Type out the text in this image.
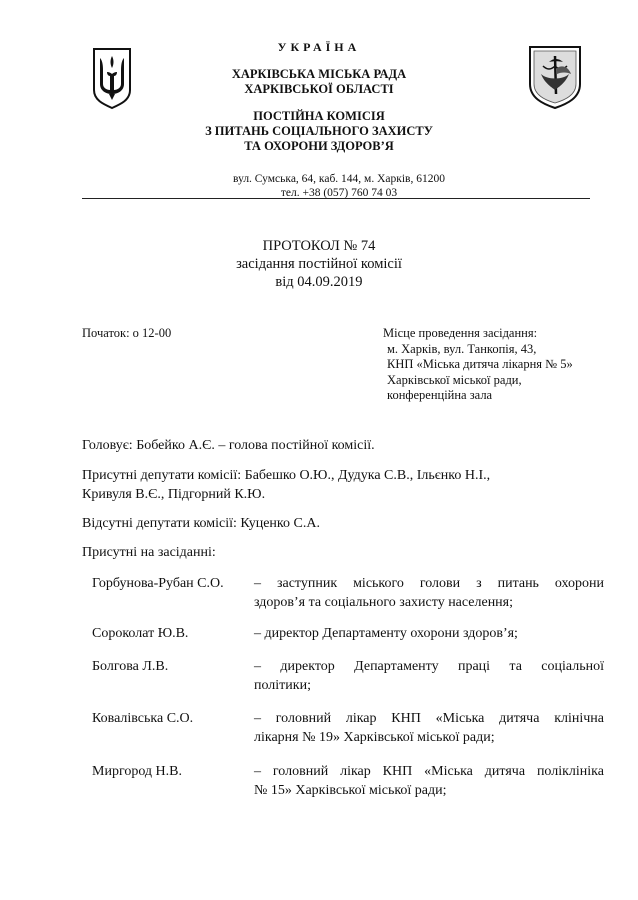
УКРАЇНА
ХАРКІВСЬКА МІСЬКА РАДА
ХАРКІВСЬКОЇ ОБЛАСТІ
ПОСТІЙНА КОМІСІЯ
З ПИТАНЬ СОЦІАЛЬНОГО ЗАХИСТУ
ТА ОХОРОНИ ЗДОРОВ’Я
вул. Сумська, 64, каб. 144, м. Харків, 61200
тел. +38 (057) 760 74 03
ПРОТОКОЛ № 74
засідання постійної комісії
від 04.09.2019
Початок: о 12-00	Місце проведення засідання:
м. Харків, вул. Танкопія, 43,
КНП «Міська дитяча лікарня № 5»
Харківської міської ради,
конференційна зала
Головує: Бобейко А.Є. – голова постійної комісії.
Присутні депутати комісії: Бабешко О.Ю., Дудука С.В., Ільєнко Н.І.,
Кривуля В.Є., Підгорний К.Ю.
Відсутні депутати комісії: Куценко С.А.
Присутні на засіданні:
Горбунова-Рубан С.О.	– заступник міського голови з питань охорони
здоров’я та соціального захисту населення;
Сороколат Ю.В.	– директор Департаменту охорони здоров’я;
Болгова Л.В.	– директор Департаменту праці та соціальної
політики;
Ковалівська С.О.	– головний лікар КНП «Міська дитяча клінічна
лікарня № 19» Харківської міської ради;
Миргород Н.В.	– головний лікар КНП «Міська дитяча поліклініка
№ 15» Харківської міської ради;
